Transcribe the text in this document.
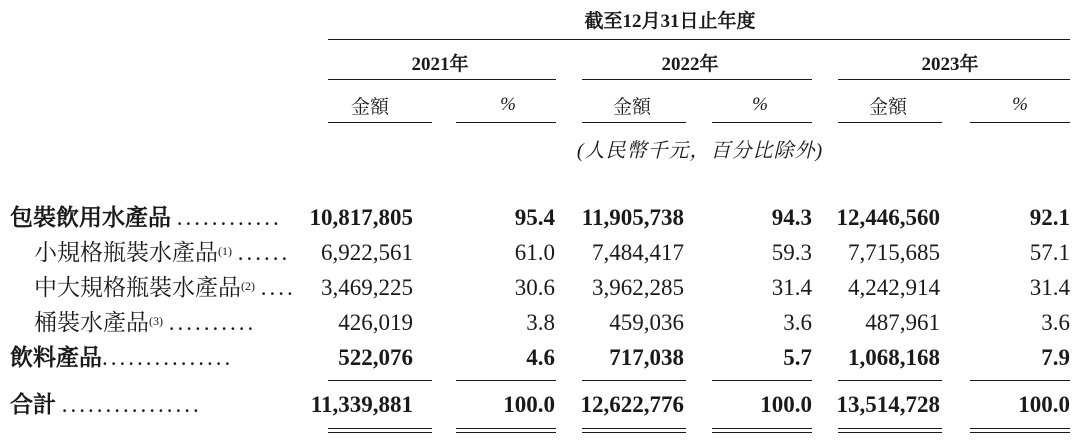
截至12月31日止年度
2021年	2022年	2023年
金額	%	金額	%	金額	%
(人民幣千元，百分比除外)
包裝飲用水產品 ............	10,817,805	95.4	11,905,738	94.3	12,446,560	92.1
小規格瓶裝水產品$^{(1)}$ ......	6,922,561	61.0	7,484,417	59.3	7,715,685	57.1
中大規格瓶裝水產品$^{(2)}$ ....	3,469,225	30.6	3,962,285	31.4	4,242,914	31.4
桶裝水產品$^{(3)}$ ..........	426,019	3.8	459,036	3.6	487,961	3.6
飲料產品...............	522,076	4.6	717,038	5.7	1,068,168	7.9
合計 ................	11,339,881	100.0	12,622,776	100.0	13,514,728	100.0
